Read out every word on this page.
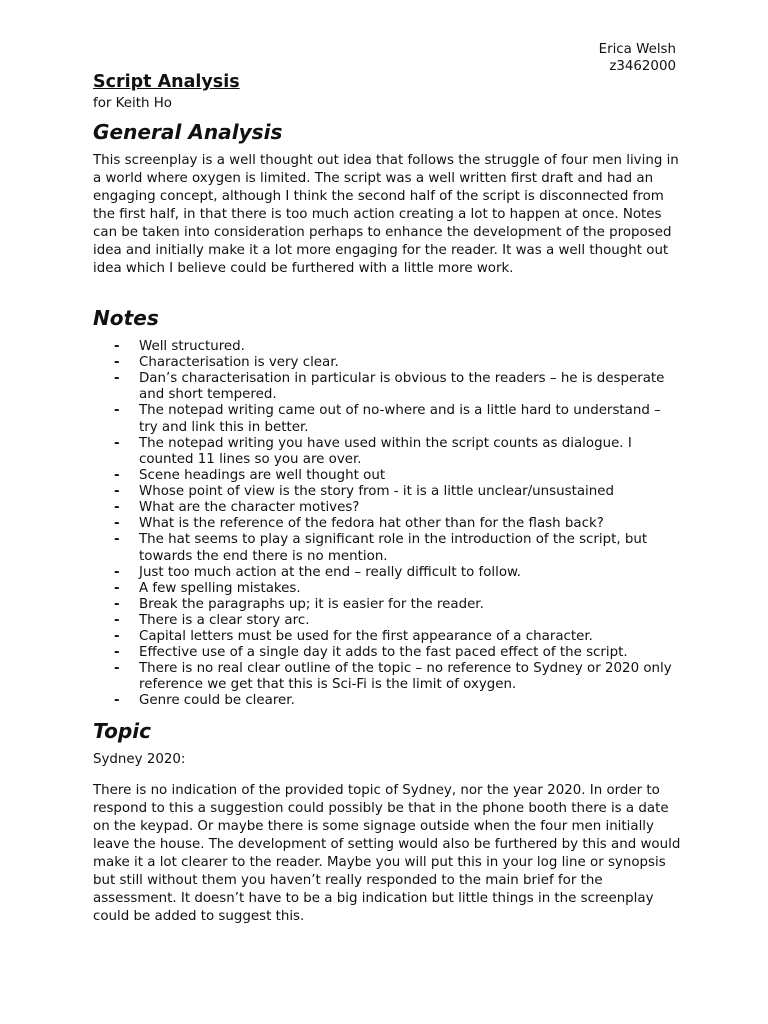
Erica Welsh
z3462000
Script Analysis
for Keith Ho
General Analysis

This screenplay is a well thought out idea that follows the struggle of four men living in a world where oxygen is limited. The script was a well written first draft and had an engaging concept, although I think the second half of the script is disconnected from the first half, in that there is too much action creating a lot to happen at once. Notes can be taken into consideration perhaps to enhance the development of the proposed idea and initially make it a lot more engaging for the reader. It was a well thought out idea which I believe could be furthered with a little more work.

Notes
- Well structured.
- Characterisation is very clear.
- Dan’s characterisation in particular is obvious to the readers – he is desperate and short tempered.
- The notepad writing came out of no-where and is a little hard to understand – try and link this in better.
- The notepad writing you have used within the script counts as dialogue. I counted 11 lines so you are over.
- Scene headings are well thought out
- Whose point of view is the story from - it is a little unclear/unsustained
- What are the character motives?
- What is the reference of the fedora hat other than for the flash back?
- The hat seems to play a significant role in the introduction of the script, but towards the end there is no mention.
- Just too much action at the end – really difficult to follow.
- A few spelling mistakes.
- Break the paragraphs up; it is easier for the reader.
- There is a clear story arc.
- Capital letters must be used for the first appearance of a character.
- Effective use of a single day it adds to the fast paced effect of the script.
- There is no real clear outline of the topic – no reference to Sydney or 2020 only reference we get that this is Sci-Fi is the limit of oxygen.
- Genre could be clearer.
Topic

Sydney 2020:

There is no indication of the provided topic of Sydney, nor the year 2020. In order to respond to this a suggestion could possibly be that in the phone booth there is a date on the keypad. Or maybe there is some signage outside when the four men initially leave the house. The development of setting would also be furthered by this and would make it a lot clearer to the reader. Maybe you will put this in your log line or synopsis but still without them you haven’t really responded to the main brief for the assessment. It doesn’t have to be a big indication but little things in the screenplay could be added to suggest this.
